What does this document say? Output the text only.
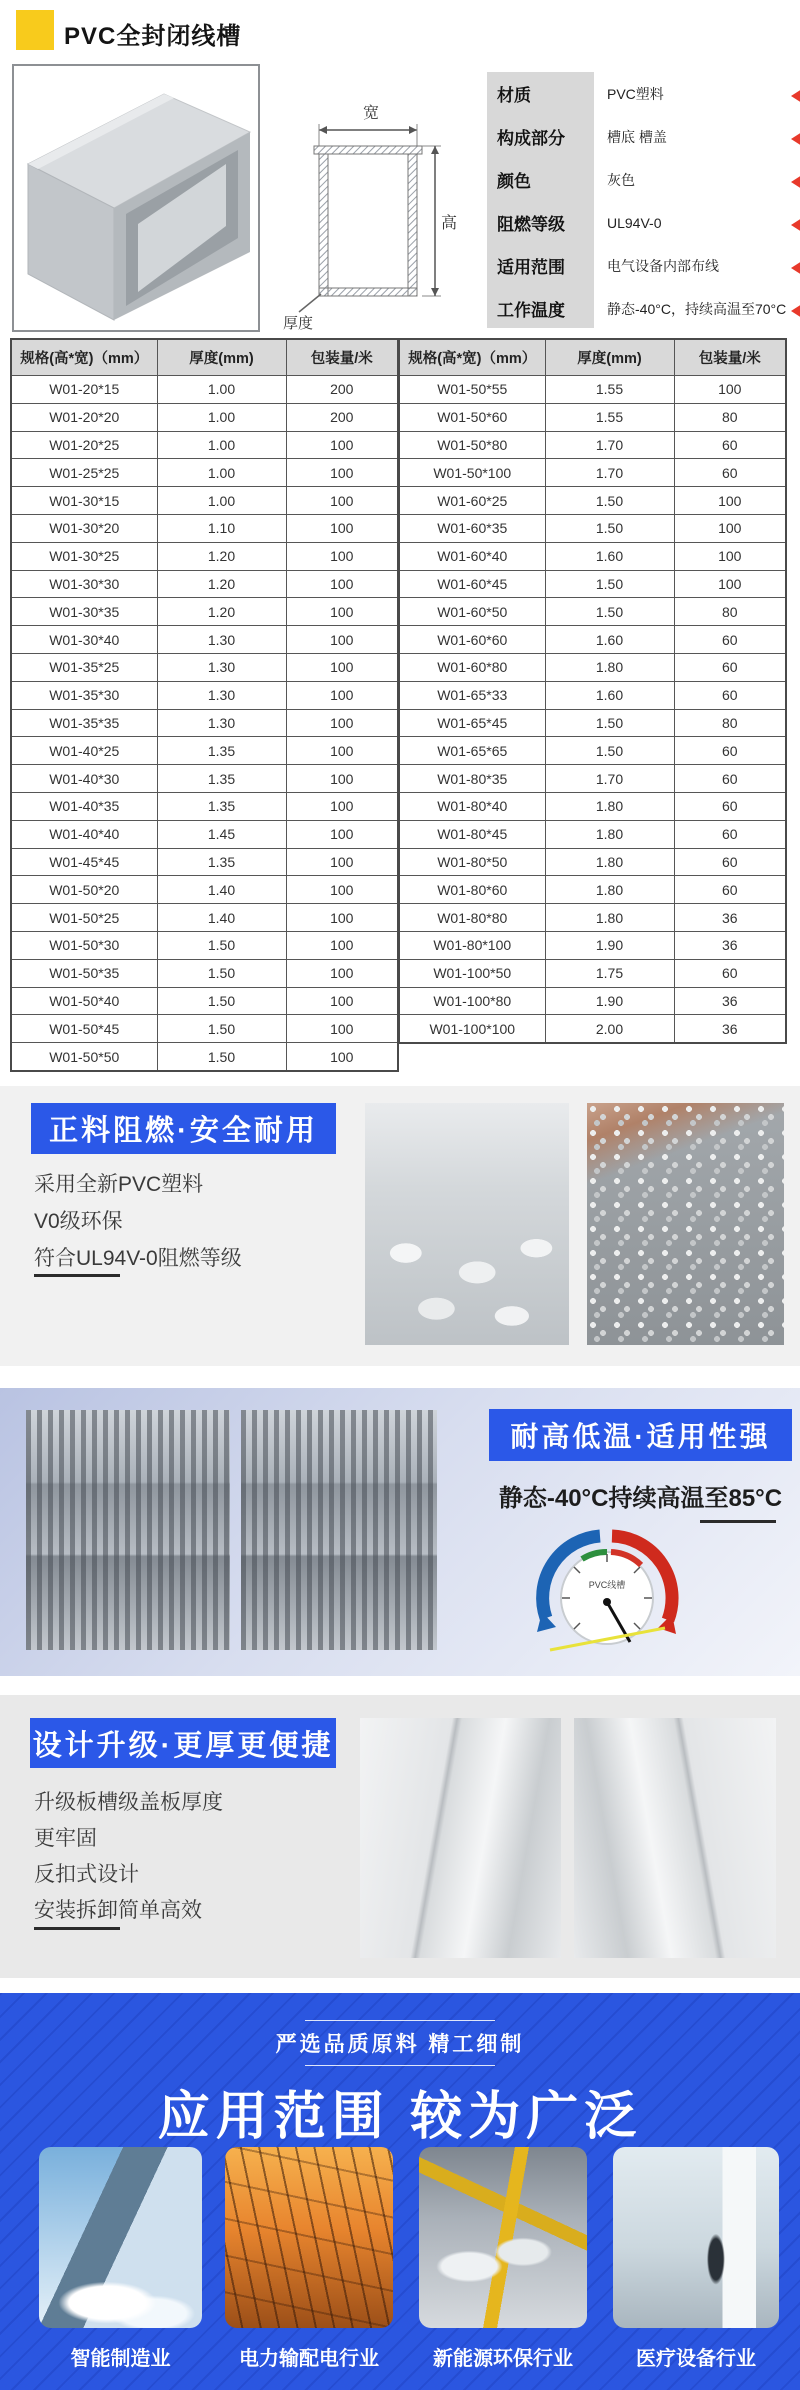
PVC全封闭线槽
宽
高
厚度
材质	PVC塑料
构成部分	槽底 槽盖
颜色	灰色
阻燃等级	UL94V-0
适用范围	电气设备内部布线
工作温度	静态-40°C，持续高温至70°C
规格(高*宽)（mm）	厚度(mm)	包装量/米
W01-20*15	1.00	200
W01-20*20	1.00	200
W01-20*25	1.00	100
W01-25*25	1.00	100
W01-30*15	1.00	100
W01-30*20	1.10	100
W01-30*25	1.20	100
W01-30*30	1.20	100
W01-30*35	1.20	100
W01-30*40	1.30	100
W01-35*25	1.30	100
W01-35*30	1.30	100
W01-35*35	1.30	100
W01-40*25	1.35	100
W01-40*30	1.35	100
W01-40*35	1.35	100
W01-40*40	1.45	100
W01-45*45	1.35	100
W01-50*20	1.40	100
W01-50*25	1.40	100
W01-50*30	1.50	100
W01-50*35	1.50	100
W01-50*40	1.50	100
W01-50*45	1.50	100
W01-50*50	1.50	100
规格(高*宽)（mm）	厚度(mm)	包装量/米
W01-50*55	1.55	100
W01-50*60	1.55	80
W01-50*80	1.70	60
W01-50*100	1.70	60
W01-60*25	1.50	100
W01-60*35	1.50	100
W01-60*40	1.60	100
W01-60*45	1.50	100
W01-60*50	1.50	80
W01-60*60	1.60	60
W01-60*80	1.80	60
W01-65*33	1.60	60
W01-65*45	1.50	80
W01-65*65	1.50	60
W01-80*35	1.70	60
W01-80*40	1.80	60
W01-80*45	1.80	60
W01-80*50	1.80	60
W01-80*60	1.80	60
W01-80*80	1.80	36
W01-80*100	1.90	36
W01-100*50	1.75	60
W01-100*80	1.90	36
W01-100*100	2.00	36
正料阻燃·安全耐用
采用全新PVC塑料
V0级环保
符合UL94V-0阻燃等级
耐高低温·适用性强
静态-40°C持续高温至85°C
PVC线槽
设计升级·更厚更便捷
升级板槽级盖板厚度
更牢固
反扣式设计
安装拆卸简单高效
严选品质原料 精工细制
应用范围 较为广泛
智能制造业	电力输配电行业	新能源环保行业	医疗设备行业
